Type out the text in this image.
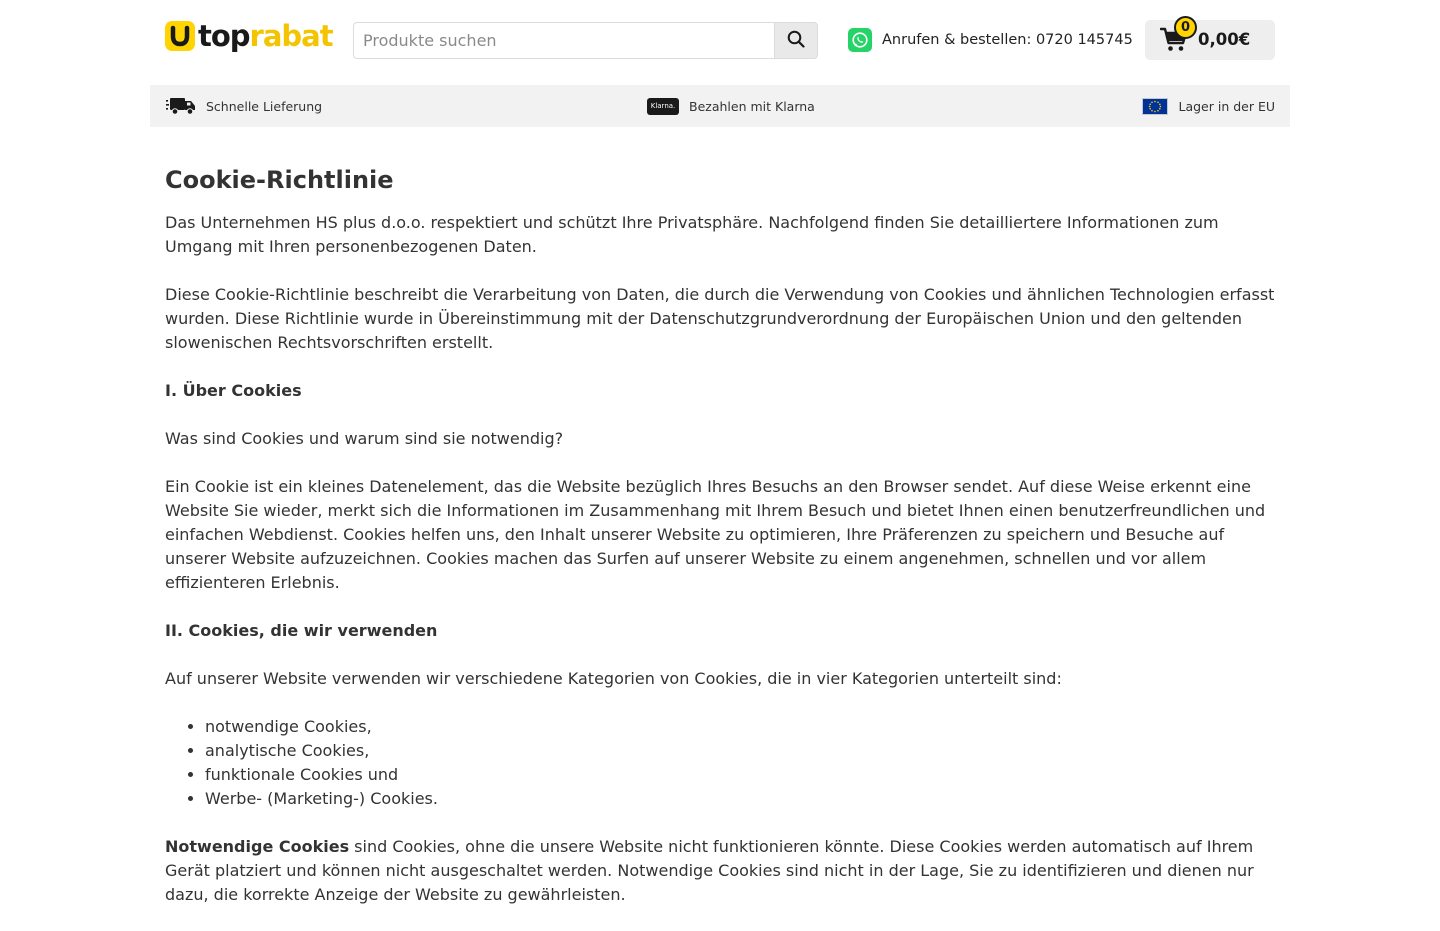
toprabat
Produkte suchen	Anrufen & bestellen: 0720 145745
0
0,00€
Schnelle Lieferung	Klarna. Bezahlen mit Klarna	Lager in der EU
Cookie-Richtlinie

Das Unternehmen HS plus d.o.o. respektiert und schützt Ihre Privatsphäre. Nachfolgend finden Sie detailliertere Informationen zum Umgang mit Ihren personenbezogenen Daten.

Diese Cookie-Richtlinie beschreibt die Verarbeitung von Daten, die durch die Verwendung von Cookies und ähnlichen Technologien erfasst wurden. Diese Richtlinie wurde in Übereinstimmung mit der Datenschutzgrundverordnung der Europäischen Union und den geltenden slowenischen Rechtsvorschriften erstellt.

I. Über Cookies

Was sind Cookies und warum sind sie notwendig?

Ein Cookie ist ein kleines Datenelement, das die Website bezüglich Ihres Besuchs an den Browser sendet. Auf diese Weise erkennt eine Website Sie wieder, merkt sich die Informationen im Zusammenhang mit Ihrem Besuch und bietet Ihnen einen benutzerfreundlichen und einfachen Webdienst. Cookies helfen uns, den Inhalt unserer Website zu optimieren, Ihre Präferenzen zu speichern und Besuche auf unserer Website aufzuzeichnen. Cookies machen das Surfen auf unserer Website zu einem angenehmen, schnellen und vor allem effizienteren Erlebnis.

II. Cookies, die wir verwenden

Auf unserer Website verwenden wir verschiedene Kategorien von Cookies, die in vier Kategorien unterteilt sind:

• notwendige Cookies,
• analytische Cookies,
• funktionale Cookies und
• Werbe- (Marketing-) Cookies.

Notwendige Cookies sind Cookies, ohne die unsere Website nicht funktionieren könnte. Diese Cookies werden automatisch auf Ihrem Gerät platziert und können nicht ausgeschaltet werden. Notwendige Cookies sind nicht in der Lage, Sie zu identifizieren und dienen nur dazu, die korrekte Anzeige der Website zu gewährleisten.
